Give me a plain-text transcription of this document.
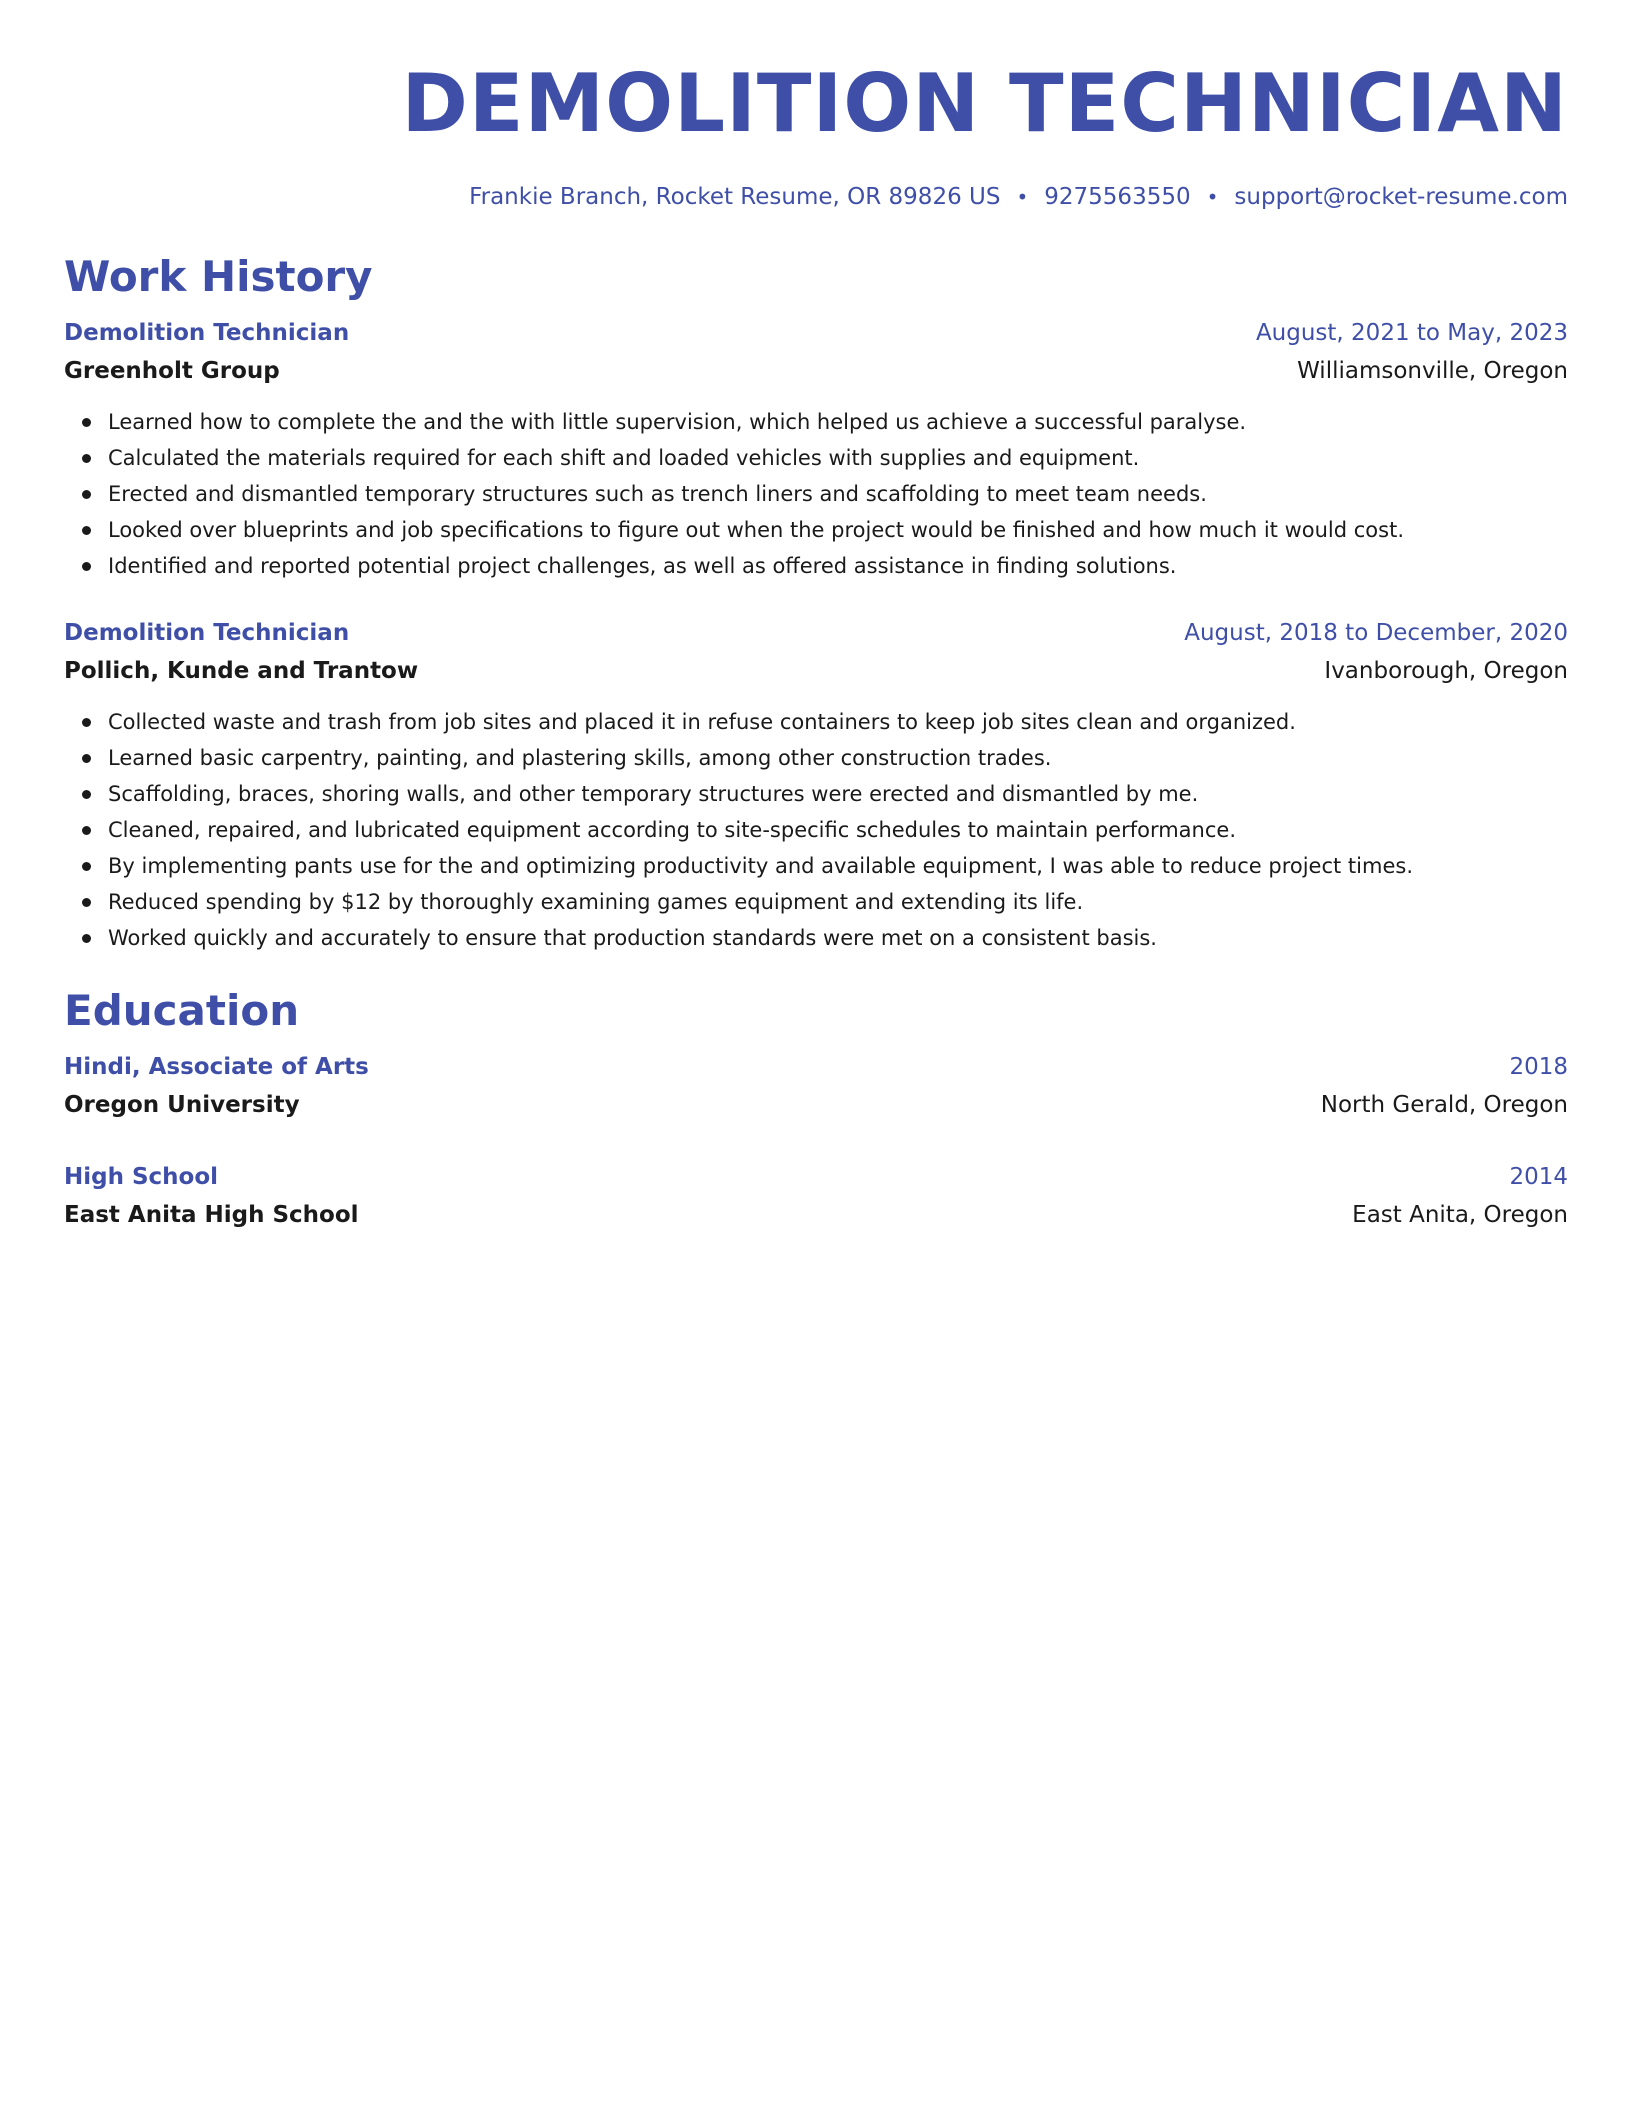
DEMOLITION TECHNICIAN
Frankie Branch, Rocket Resume, OR 89826 US • 9275563550 • support@rocket-resume.com
Work History
Demolition Technician	August, 2021 to May, 2023
Greenholt Group	Williamsonville, Oregon
Learned how to complete the and the with little supervision, which helped us achieve a successful paralyse.
Calculated the materials required for each shift and loaded vehicles with supplies and equipment.
Erected and dismantled temporary structures such as trench liners and scaffolding to meet team needs.
Looked over blueprints and job specifications to figure out when the project would be finished and how much it would cost.
Identified and reported potential project challenges, as well as offered assistance in finding solutions.
Demolition Technician	August, 2018 to December, 2020
Pollich, Kunde and Trantow	Ivanborough, Oregon
Collected waste and trash from job sites and placed it in refuse containers to keep job sites clean and organized.
Learned basic carpentry, painting, and plastering skills, among other construction trades.
Scaffolding, braces, shoring walls, and other temporary structures were erected and dismantled by me.
Cleaned, repaired, and lubricated equipment according to site-specific schedules to maintain performance.
By implementing pants use for the and optimizing productivity and available equipment, I was able to reduce project times.
Reduced spending by $12 by thoroughly examining games equipment and extending its life.
Worked quickly and accurately to ensure that production standards were met on a consistent basis.
Education
Hindi, Associate of Arts	2018
Oregon University	North Gerald, Oregon
High School	2014
East Anita High School	East Anita, Oregon
